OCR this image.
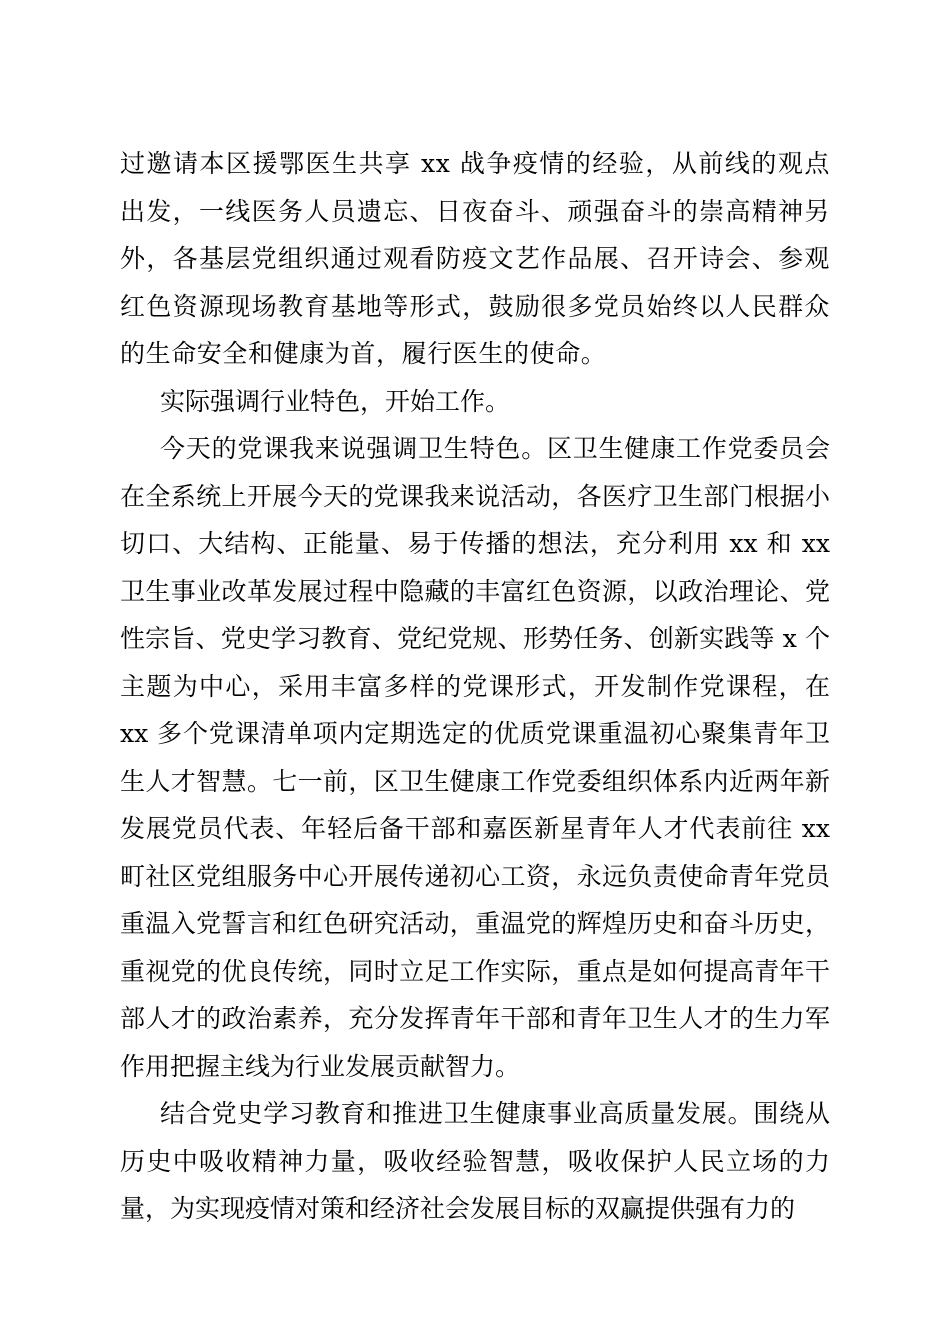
过邀请本区援鄂医生共享 xx 战争疫情的经验，从前线的观点出发，一线医务人员遗忘、日夜奋斗、顽强奋斗的崇高精神另外，各基层党组织通过观看防疫文艺作品展、召开诗会、参观红色资源现场教育基地等形式，鼓励很多党员始终以人民群众的生命安全和健康为首，履行医生的使命。

实际强调行业特色，开始工作。

今天的党课我来说强调卫生特色。区卫生健康工作党委员会在全系统上开展今天的党课我来说活动，各医疗卫生部门根据小切口、大结构、正能量、易于传播的想法，充分利用 xx 和 xx 卫生事业改革发展过程中隐藏的丰富红色资源，以政治理论、党性宗旨、党史学习教育、党纪党规、形势任务、创新实践等 x 个主题为中心，采用丰富多样的党课形式，开发制作党课程，在 xx 多个党课清单项内定期选定的优质党课重温初心聚集青年卫生人才智慧。七一前，区卫生健康工作党委组织体系内近两年新发展党员代表、年轻后备干部和嘉医新星青年人才代表前往 xx 町社区党组服务中心开展传递初心工资，永远负责使命青年党员重温入党誓言和红色研究活动，重温党的辉煌历史和奋斗历史，重视党的优良传统，同时立足工作实际，重点是如何提高青年干部人才的政治素养，充分发挥青年干部和青年卫生人才的生力军作用把握主线为行业发展贡献智力。

结合党史学习教育和推进卫生健康事业高质量发展。围绕从历史中吸收精神力量，吸收经验智慧，吸收保护人民立场的力量，为实现疫情对策和经济社会发展目标的双赢提供强有力的
